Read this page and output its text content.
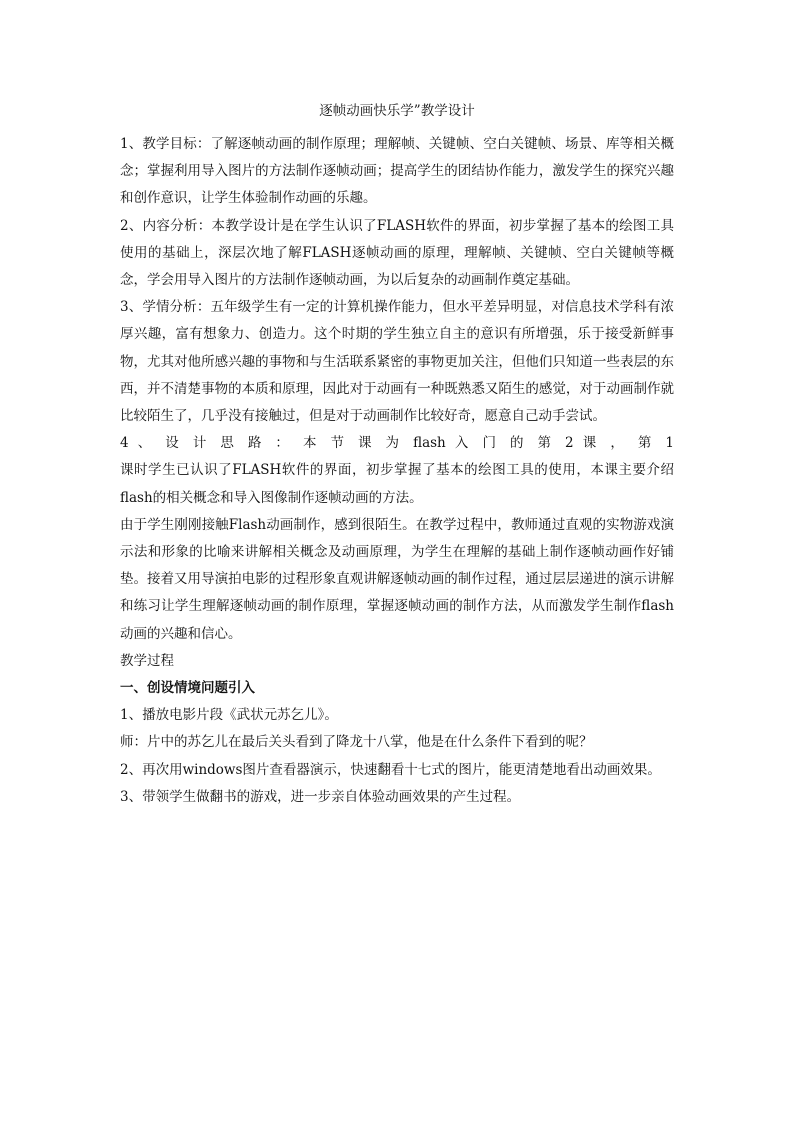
逐帧动画快乐学”教学设计

1、教学目标：了解逐帧动画的制作原理；理解帧、关键帧、空白关键帧、场景、库等相关概念；掌握利用导入图片的方法制作逐帧动画；提高学生的团结协作能力，激发学生的探究兴趣和创作意识，让学生体验制作动画的乐趣。

2、内容分析：本教学设计是在学生认识了FLASH软件的界面，初步掌握了基本的绘图工具使用的基础上，深层次地了解FLASH逐帧动画的原理，理解帧、关键帧、空白关键帧等概念，学会用导入图片的方法制作逐帧动画，为以后复杂的动画制作奠定基础。

3、学情分析：五年级学生有一定的计算机操作能力，但水平差异明显，对信息技术学科有浓厚兴趣，富有想象力、创造力。这个时期的学生独立自主的意识有所增强，乐于接受新鲜事物，尤其对他所感兴趣的事物和与生活联系紧密的事物更加关注，但他们只知道一些表层的东西，并不清楚事物的本质和原理，因此对于动画有一种既熟悉又陌生的感觉，对于动画制作就比较陌生了，几乎没有接触过，但是对于动画制作比较好奇，愿意自己动手尝试。

4 、 设 计 思 路 ： 本 节 课 为 flash 入 门 的 第 2 课 ， 第 1

课时学生已认识了FLASH软件的界面，初步掌握了基本的绘图工具的使用，本课主要介绍flash的相关概念和导入图像制作逐帧动画的方法。

由于学生刚刚接触Flash动画制作，感到很陌生。在教学过程中，教师通过直观的实物游戏演示法和形象的比喻来讲解相关概念及动画原理，为学生在理解的基础上制作逐帧动画作好铺垫。接着又用导演拍电影的过程形象直观讲解逐帧动画的制作过程，通过层层递进的演示讲解和练习让学生理解逐帧动画的制作原理，掌握逐帧动画的制作方法，从而激发学生制作flash动画的兴趣和信心。

教学过程

一、创设情境问题引入

1、播放电影片段《武状元苏乞儿》。

师：片中的苏乞儿在最后关头看到了降龙十八掌，他是在什么条件下看到的呢？

2、再次用windows图片查看器演示，快速翻看十七式的图片，能更清楚地看出动画效果。

3、带领学生做翻书的游戏，进一步亲自体验动画效果的产生过程。
